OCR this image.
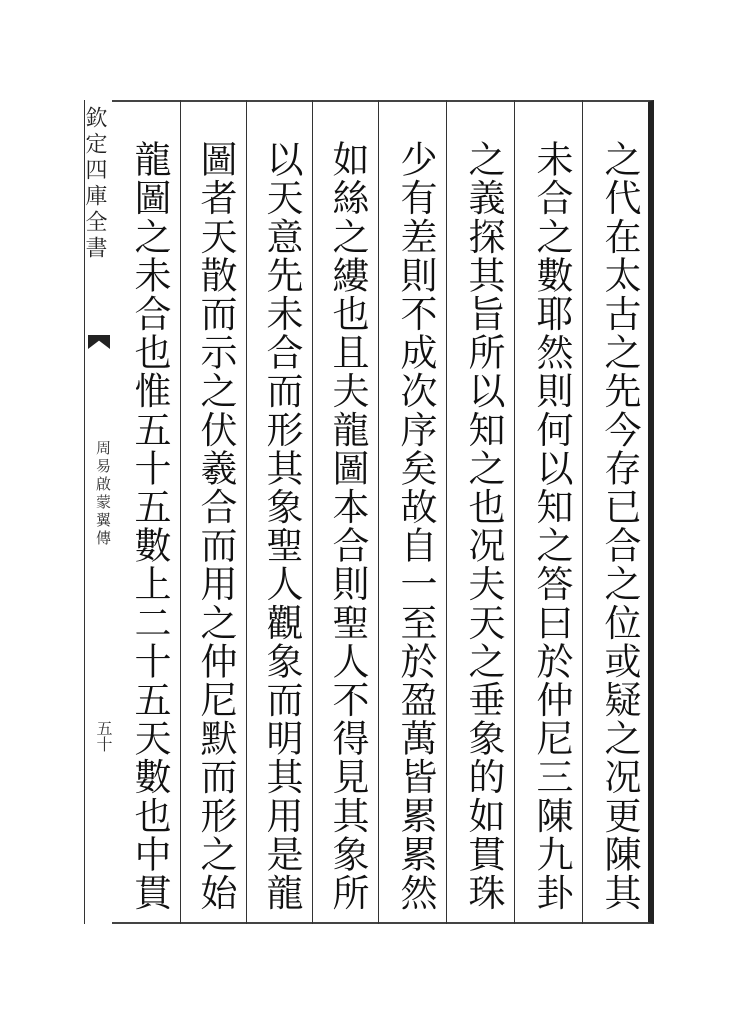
欽定四庫全書
周易啟蒙翼傳
五十	之代在太古之先今存已合之位或疑之况更陳其
未合之數耶然則何以知之答曰於仲尼三陳九卦
之義探其旨所以知之也况夫天之垂象的如貫珠
少有差則不成次序矣故自一至於盈萬皆累累然
如絲之縷也且夫龍圖本合則聖人不得見其象所
以天意先未合而形其象聖人觀象而明其用是龍
圖者天散而示之伏羲合而用之仲尼默而形之始
龍圖之未合也惟五十五數上二十五天數也中貫
